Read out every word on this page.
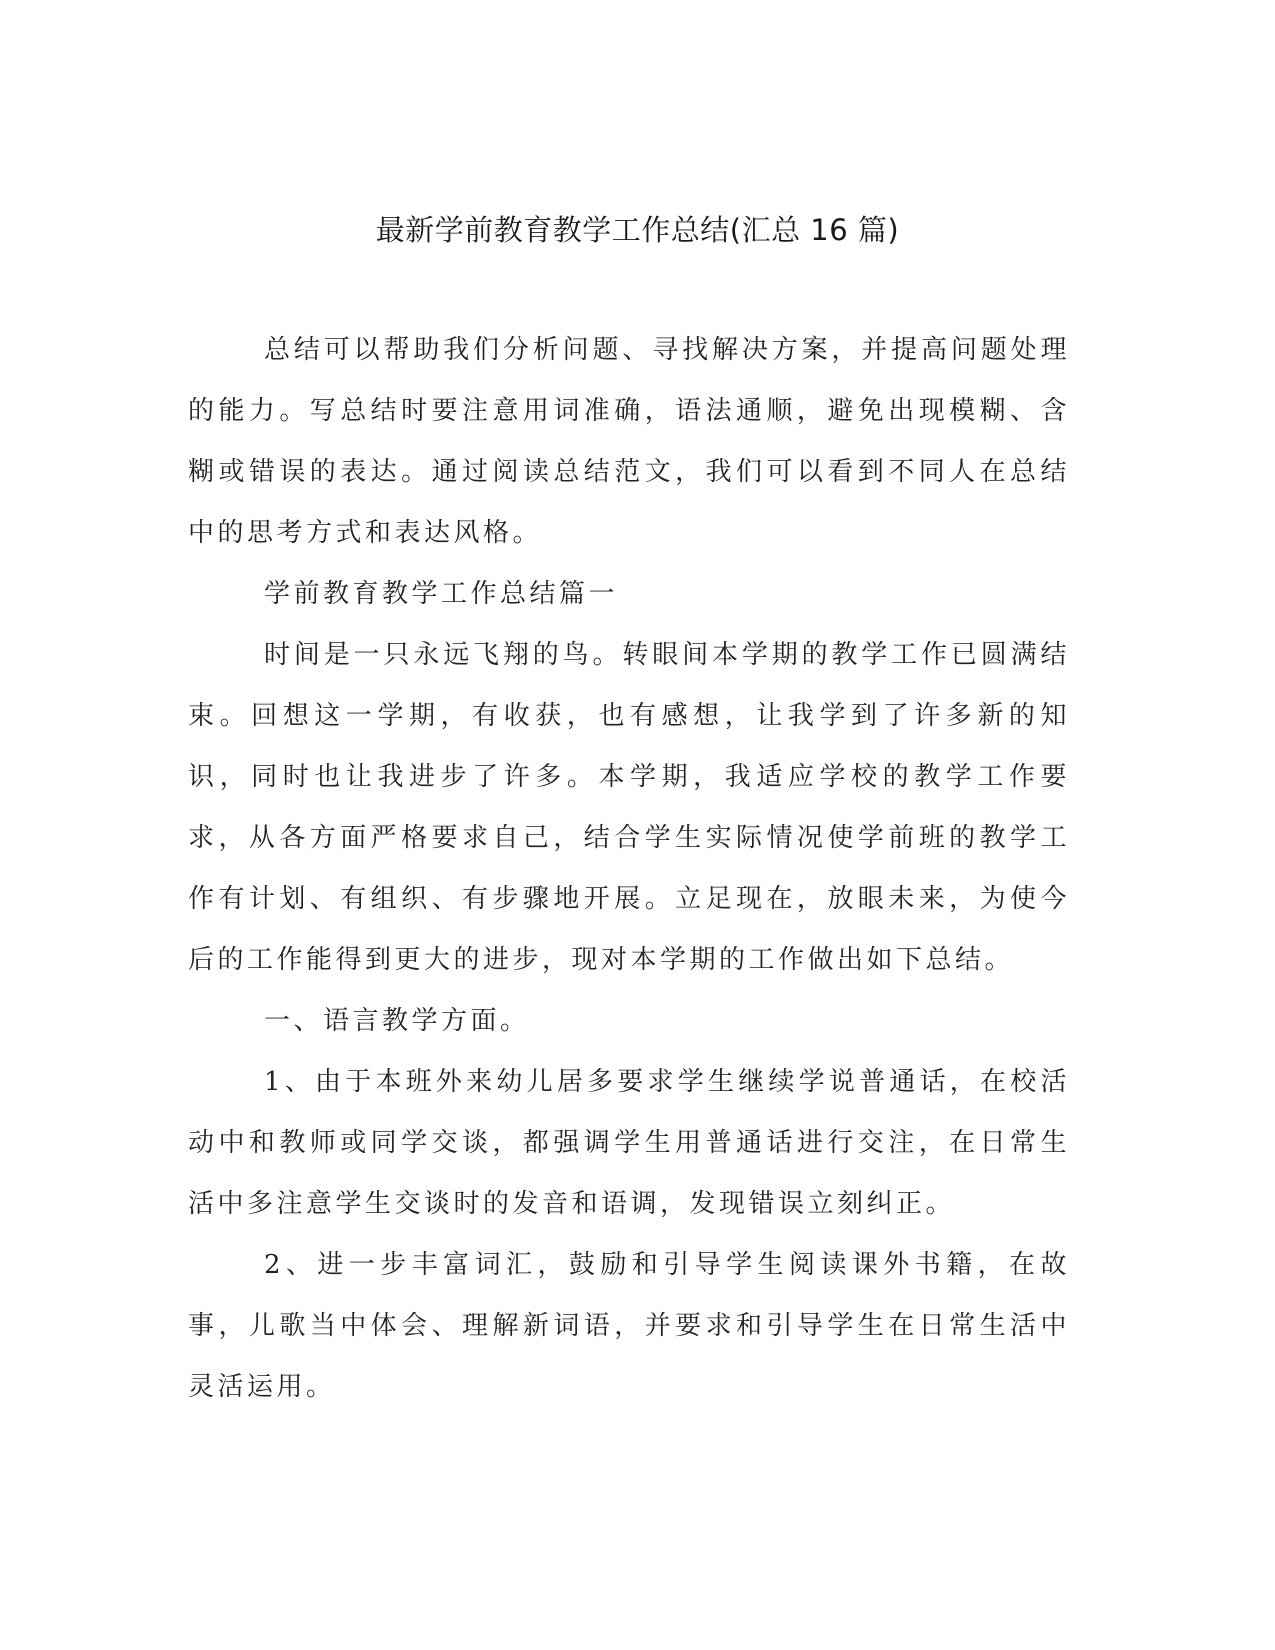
最新学前教育教学工作总结(汇总 16 篇)

总结可以帮助我们分析问题、寻找解决方案，并提高问题处理的能力。写总结时要注意用词准确，语法通顺，避免出现模糊、含糊或错误的表达。通过阅读总结范文，我们可以看到不同人在总结中的思考方式和表达风格。

学前教育教学工作总结篇一

时间是一只永远飞翔的鸟。转眼间本学期的教学工作已圆满结束。回想这一学期，有收获，也有感想，让我学到了许多新的知识，同时也让我进步了许多。本学期，我适应学校的教学工作要求，从各方面严格要求自己，结合学生实际情况使学前班的教学工作有计划、有组织、有步骤地开展。立足现在，放眼未来，为使今后的工作能得到更大的进步，现对本学期的工作做出如下总结。

一、语言教学方面。

1、由于本班外来幼儿居多要求学生继续学说普通话，在校活动中和教师或同学交谈，都强调学生用普通话进行交注，在日常生活中多注意学生交谈时的发音和语调，发现错误立刻纠正。

2、进一步丰富词汇，鼓励和引导学生阅读课外书籍，在故事，儿歌当中体会、理解新词语，并要求和引导学生在日常生活中灵活运用。
